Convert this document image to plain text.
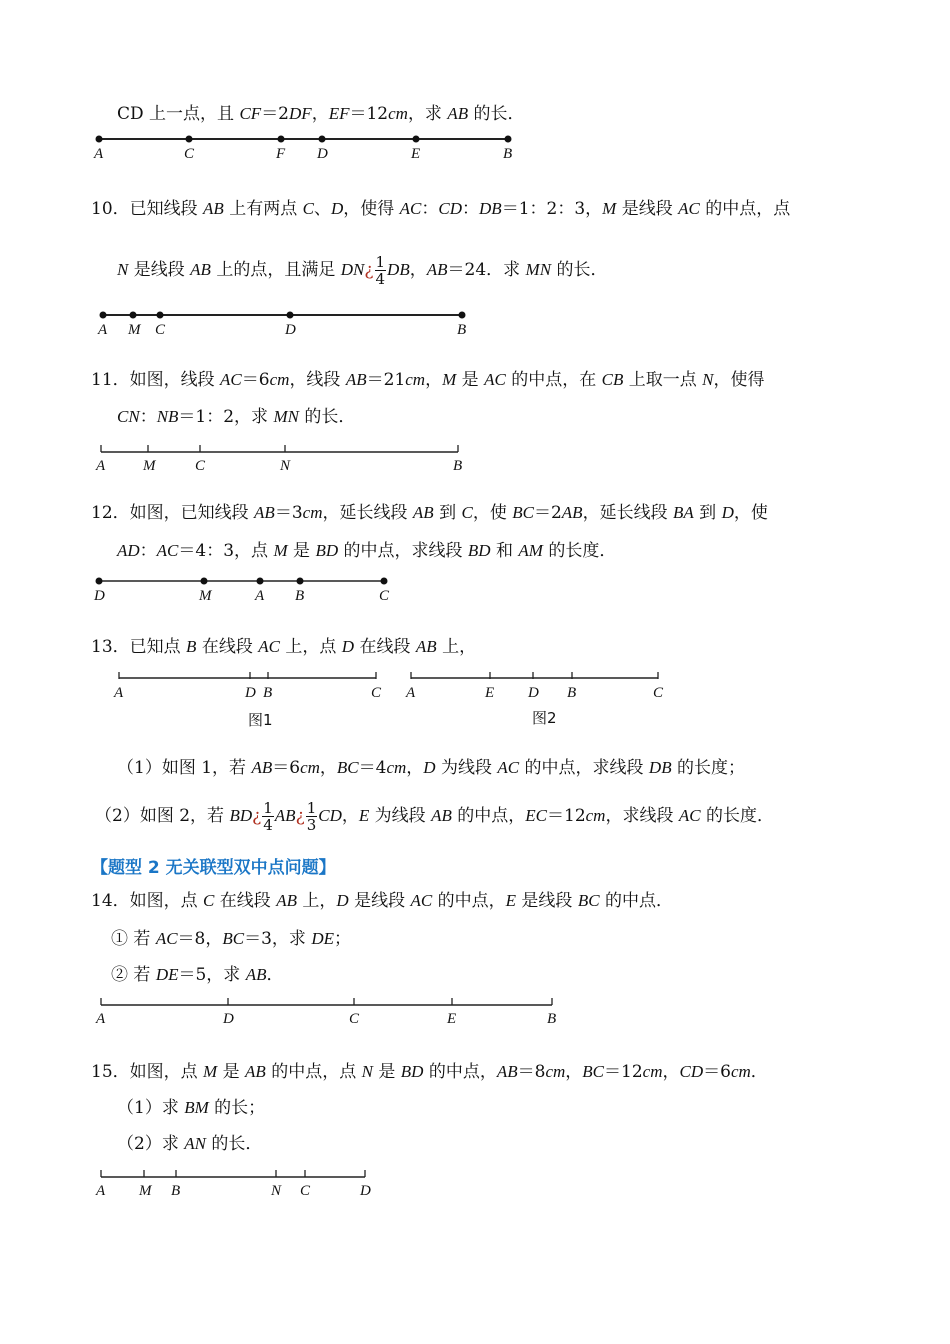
CD 上一点，且 CF＝2DF，EF＝12cm，求 AB 的长．
A	C	F D	E	B
10．已知线段 AB 上有两点 C、D，使得 AC：CD：DB＝1：2：3，M 是线段 AC 的中点，点
N 是线段 AB 上的点，且满足 DN¿ $\frac{1}{4}$ DB，AB＝24．求 MN 的长．
A M C	D	B
11．如图，线段 AC＝6cm，线段 AB＝21cm，M 是 AC 的中点，在 CB 上取一点 N，使得
CN：NB＝1：2，求 MN 的长．
A	M	C	N	B
12．如图，已知线段 AB＝3cm，延长线段 AB 到 C，使 BC＝2AB，延长线段 BA 到 D，使
AD：AC＝4：3，点 M 是 BD 的中点，求线段 BD 和 AM 的长度．
D	M	A B	C
13．已知点 B 在线段 AC 上，点 D 在线段 AB 上，
A	D B	C
图1
A	E D B	C
图2
（1）如图 1，若 AB＝6cm，BC＝4cm，D 为线段 AC 的中点，求线段 DB 的长度；
（2）如图 2，若 BD¿ $\frac{1}{4}$ AB¿ $\frac{1}{3}$ CD，E 为线段 AB 的中点，EC＝12cm，求线段 AC 的长度．
【题型 2 无关联型双中点问题】
14．如图，点 C 在线段 AB 上，D 是线段 AC 的中点，E 是线段 BC 的中点．
① 若 AC＝8，BC＝3，求 DE；
② 若 DE＝5，求 AB．
A	D	C	E	B
15．如图，点 M 是 AB 的中点，点 N 是 BD 的中点，AB＝8cm，BC＝12cm，CD＝6cm．
（1）求 BM 的长；
（2）求 AN 的长．
A M B	N C	D
